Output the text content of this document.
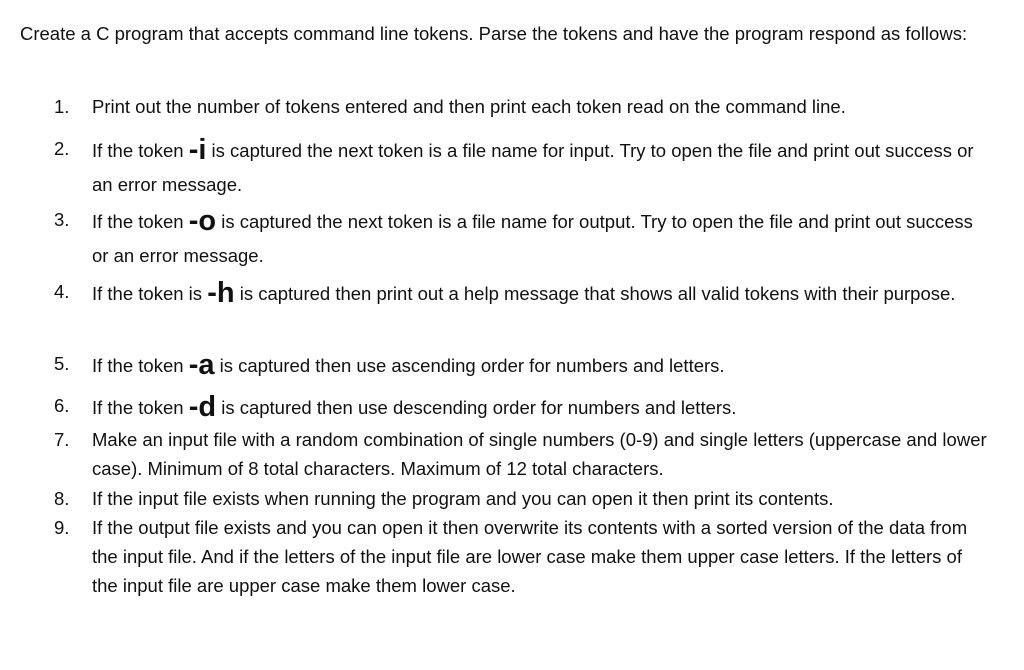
Create a C program that accepts command line tokens. Parse the tokens and have the program respond as follows:
1. Print out the number of tokens entered and then print each token read on the command line.
2. If the token -i is captured the next token is a file name for input. Try to open the file and print out success or an error message.
3. If the token -o is captured the next token is a file name for output. Try to open the file and print out success or an error message.
4. If the token is -h is captured then print out a help message that shows all valid tokens with their purpose.
5. If the token -a is captured then use ascending order for numbers and letters.
6. If the token -d is captured then use descending order for numbers and letters.
7. Make an input file with a random combination of single numbers (0-9) and single letters (uppercase and lower case). Minimum of 8 total characters. Maximum of 12 total characters.
8. If the input file exists when running the program and you can open it then print its contents.
9. If the output file exists and you can open it then overwrite its contents with a sorted version of the data from the input file. And if the letters of the input file are lower case make them upper case letters. If the letters of the input file are upper case make them lower case.
